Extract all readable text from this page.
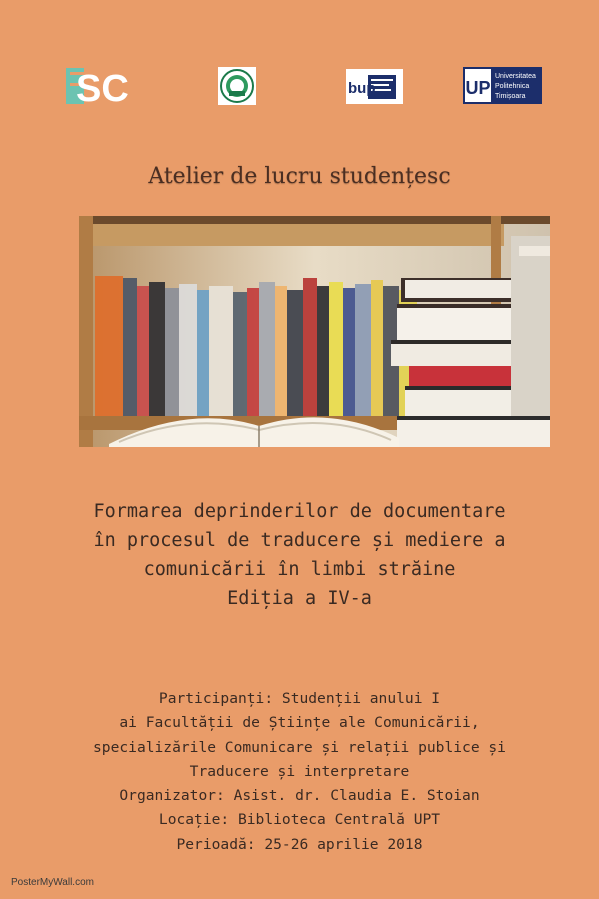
SC	bup	UP
Universitatea
Politehnica
Timișoara
Atelier de lucru studențesc
Formarea deprinderilor de documentare
în procesul de traducere și mediere a
comunicării în limbi străine
Ediția a IV-a
Participanți: Studenții anului I
ai Facultății de Științe ale Comunicării,
specializările Comunicare și relații publice și
Traducere și interpretare
Organizator: Asist. dr. Claudia E. Stoian
Locație: Biblioteca Centrală UPT
Perioadă: 25-26 aprilie 2018
PosterMyWall.com
